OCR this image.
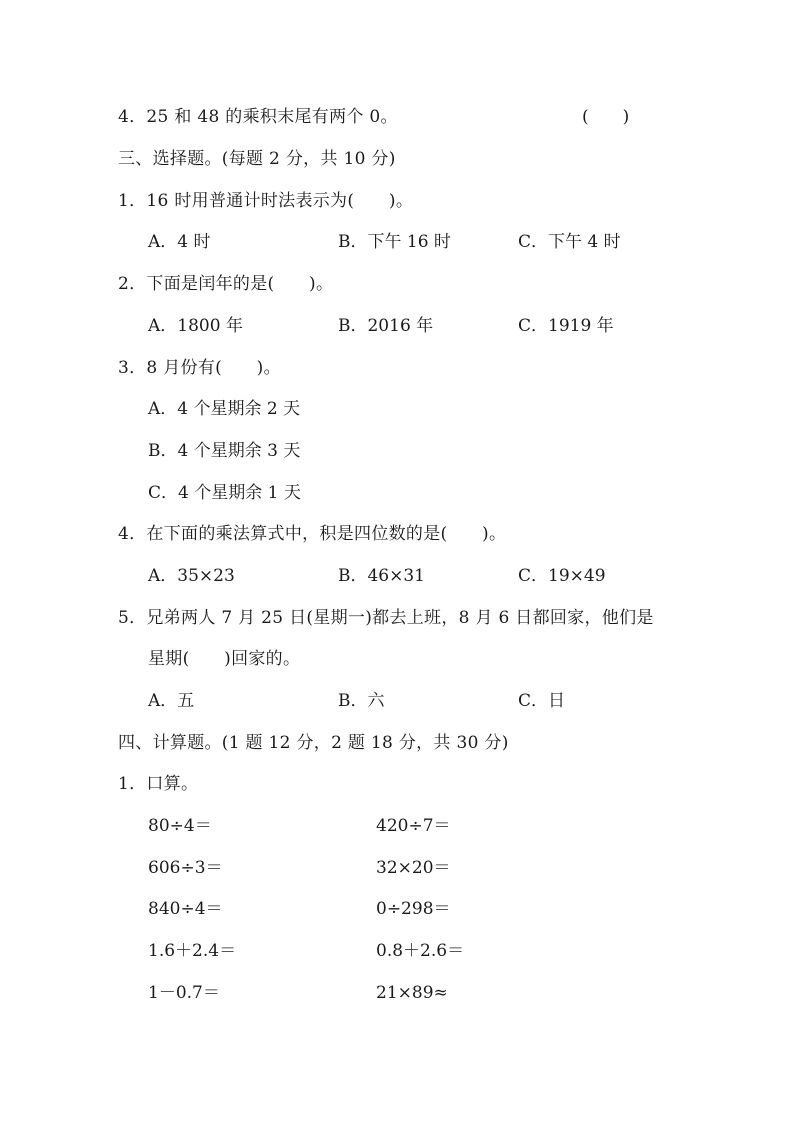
4．25 和 48 的乘积末尾有两个 0。	(　　)
三、选择题。(每题 2 分，共 10 分)
1．16 时用普通计时法表示为(　　)。
A．4 时	B．下午 16 时	C．下午 4 时
2．下面是闰年的是(　　)。
A．1800 年	B．2016 年	C．1919 年
3．8 月份有(　　)。
A．4 个星期余 2 天
B．4 个星期余 3 天
C．4 个星期余 1 天
4．在下面的乘法算式中，积是四位数的是(　　)。
A．35×23	B．46×31	C．19×49
5．兄弟两人 7 月 25 日(星期一)都去上班，8 月 6 日都回家，他们是
星期(　　)回家的。
A．五	B．六	C．日
四、计算题。(1 题 12 分，2 题 18 分，共 30 分)
1．口算。
80÷4＝	420÷7＝
606÷3＝	32×20＝
840÷4＝	0÷298＝
1.6＋2.4＝	0.8＋2.6＝
1－0.7＝	21×89≈
